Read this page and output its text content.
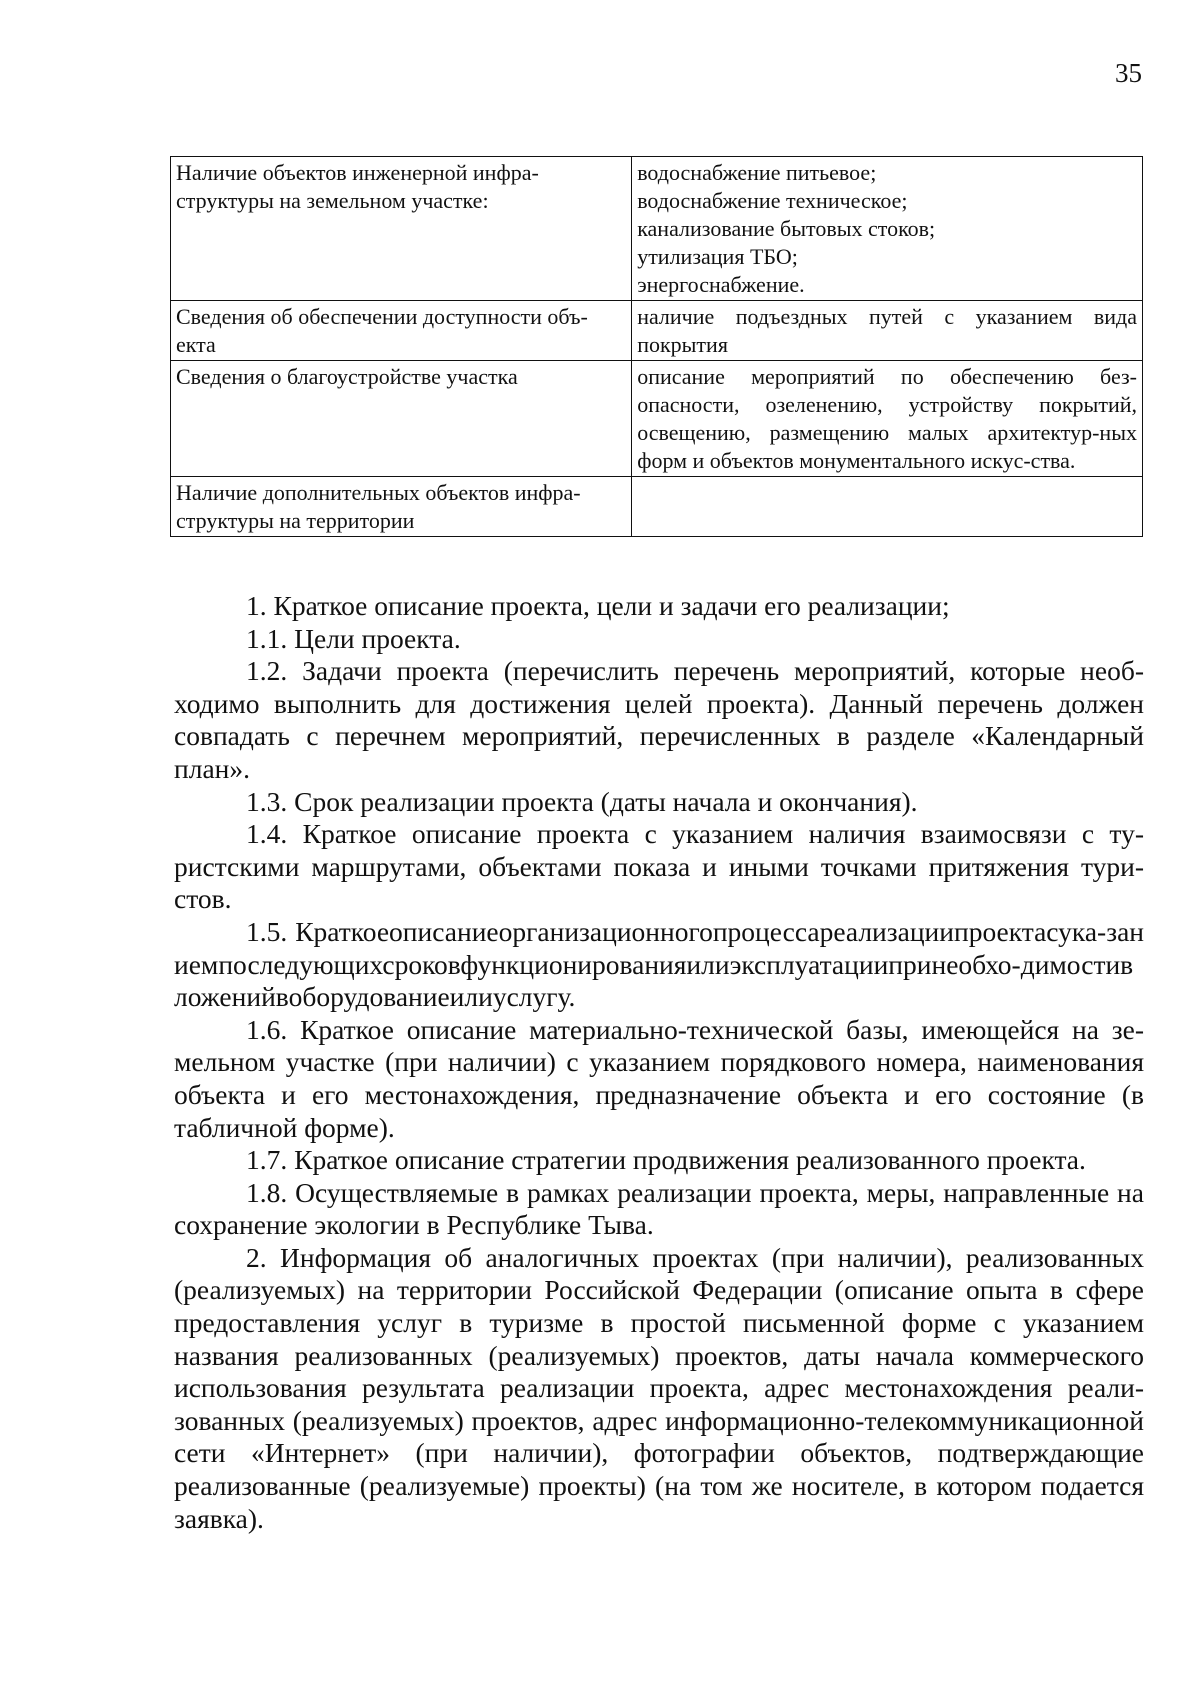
35
Наличие объектов инженерной инфра-структуры на земельном участке:	водоснабжение питьевое;
водоснабжение техническое;
канализование бытовых стоков;
утилизация ТБО;
энергоснабжение.

Сведения об обеспечении доступности объ-екта	наличие подъездных путей с указанием вида покрытия
Сведения о благоустройстве участка	описание мероприятий по обеспечению без-опасности, озеленению, устройству покрытий, освещению, размещению малых архитектур-ных форм и объектов монументального искус-ства.
Наличие дополнительных объектов инфра-структуры на территории	

1. Краткое описание проекта, цели и задачи его реализации;

1.1. Цели проекта.

1.2. Задачи проекта (перечислить перечень мероприятий, которые необ-ходимо выполнить для достижения целей проекта). Данный перечень должен совпадать с перечнем мероприятий, перечисленных в разделе «Календарный план».

1.3. Срок реализации проекта (даты начала и окончания).

1.4. Краткое описание проекта с указанием наличия взаимосвязи с ту-ристскими маршрутами, объектами показа и иными точками притяжения тури-стов.

1.5. Краткоеописаниеорганизационногопроцессареализациипроектасука-заниемпоследующихсроковфункционированияилиэксплуатациипринеобхо-димостивложенийвоборудованиеилиуслугу.

1.6. Краткое описание материально-технической базы, имеющейся на зе-мельном участке (при наличии) с указанием порядкового номера, наименования объекта и его местонахождения, предназначение объекта и его состояние (в табличной форме).

1.7. Краткое описание стратегии продвижения реализованного проекта.

1.8. Осуществляемые в рамках реализации проекта, меры, направленные на сохранение экологии в Республике Тыва.

2. Информация об аналогичных проектах (при наличии), реализованных (реализуемых) на территории Российской Федерации (описание опыта в сфере предоставления услуг в туризме в простой письменной форме с указанием названия реализованных (реализуемых) проектов, даты начала коммерческого использования результата реализации проекта, адрес местонахождения реали-зованных (реализуемых) проектов, адрес информационно-телекоммуникационной сети «Интернет» (при наличии), фотографии объектов, подтверждающие реализованные (реализуемые) проекты) (на том же носителе, в котором подается заявка).
